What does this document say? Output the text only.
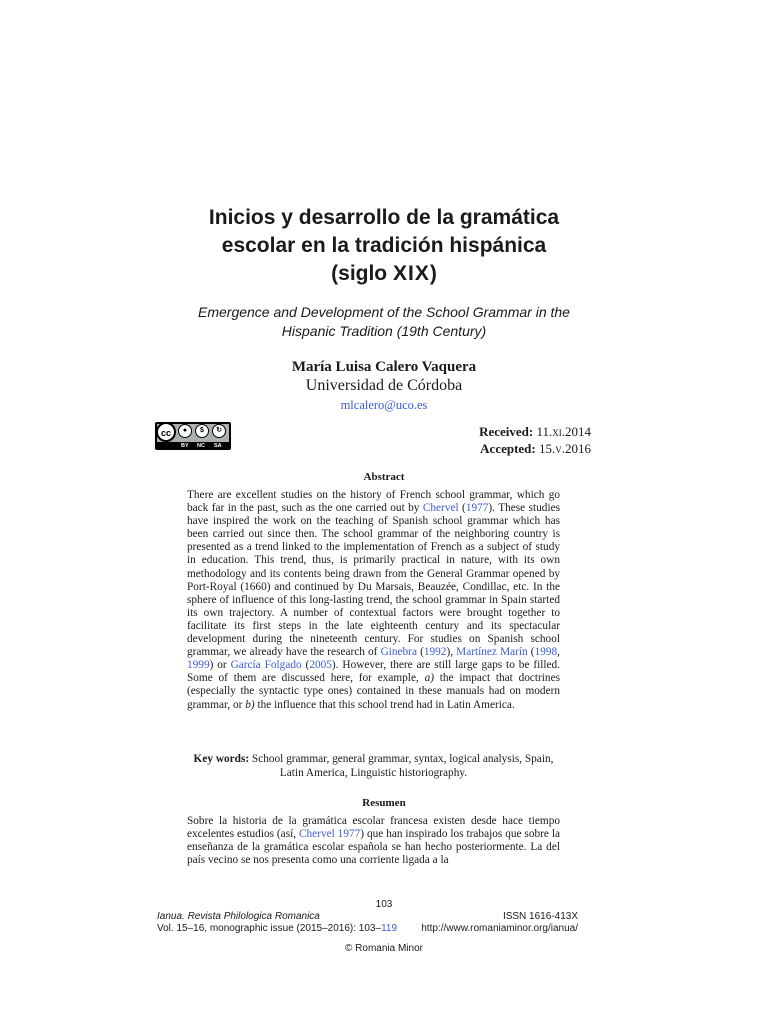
Inicios y desarrollo de la gramática
escolar en la tradición hispánica
(siglo XIX)
Emergence and Development of the School Grammar in the
Hispanic Tradition (19th Century)
María Luisa Calero Vaquera
Universidad de Córdoba
mlcalero@uco.es
cc	●	$	↻
BY NC SA
Received: 11.xi.2014
Accepted: 15.v.2016
Abstract

There are excellent studies on the history of French school grammar, which go back far in the past, such as the one carried out by Chervel (1977). These studies have inspired the work on the teaching of Spanish school grammar which has been carried out since then. The school grammar of the neighboring country is presented as a trend linked to the implementation of French as a subject of study in education. This trend, thus, is primarily practical in nature, with its own methodology and its contents being drawn from the General Grammar opened by Port-Royal (1660) and continued by Du Marsais, Beauzée, Condillac, etc. In the sphere of influence of this long-lasting trend, the school grammar in Spain started its own trajectory. A number of contextual factors were brought together to facilitate its first steps in the late eighteenth century and its spectacular development during the nineteenth century. For studies on Spanish school grammar, we already have the research of Ginebra (1992), Martínez Marín (1998, 1999) or García Folgado (2005). However, there are still large gaps to be filled. Some of them are discussed here, for example, a) the impact that doctrines (especially the syntactic type ones) contained in these manuals had on modern grammar, or b) the influence that this school trend had in Latin America.

Key words: School grammar, general grammar, syntax, logical analysis, Spain, Latin America, Linguistic historiography.
Resumen

Sobre la historia de la gramática escolar francesa existen desde hace tiempo excelentes estudios (así, Chervel 1977) que han inspirado los trabajos que sobre la enseñanza de la gramática escolar española se han hecho posteriormente. La del país vecino se nos presenta como una corriente ligada a la

103
Ianua. Revista Philologica Romanica
Vol. 15–16, monographic issue (2015–2016): 103–119
ISSN 1616-413X
http://www.romaniaminor.org/ianua/
© Romania Minor
